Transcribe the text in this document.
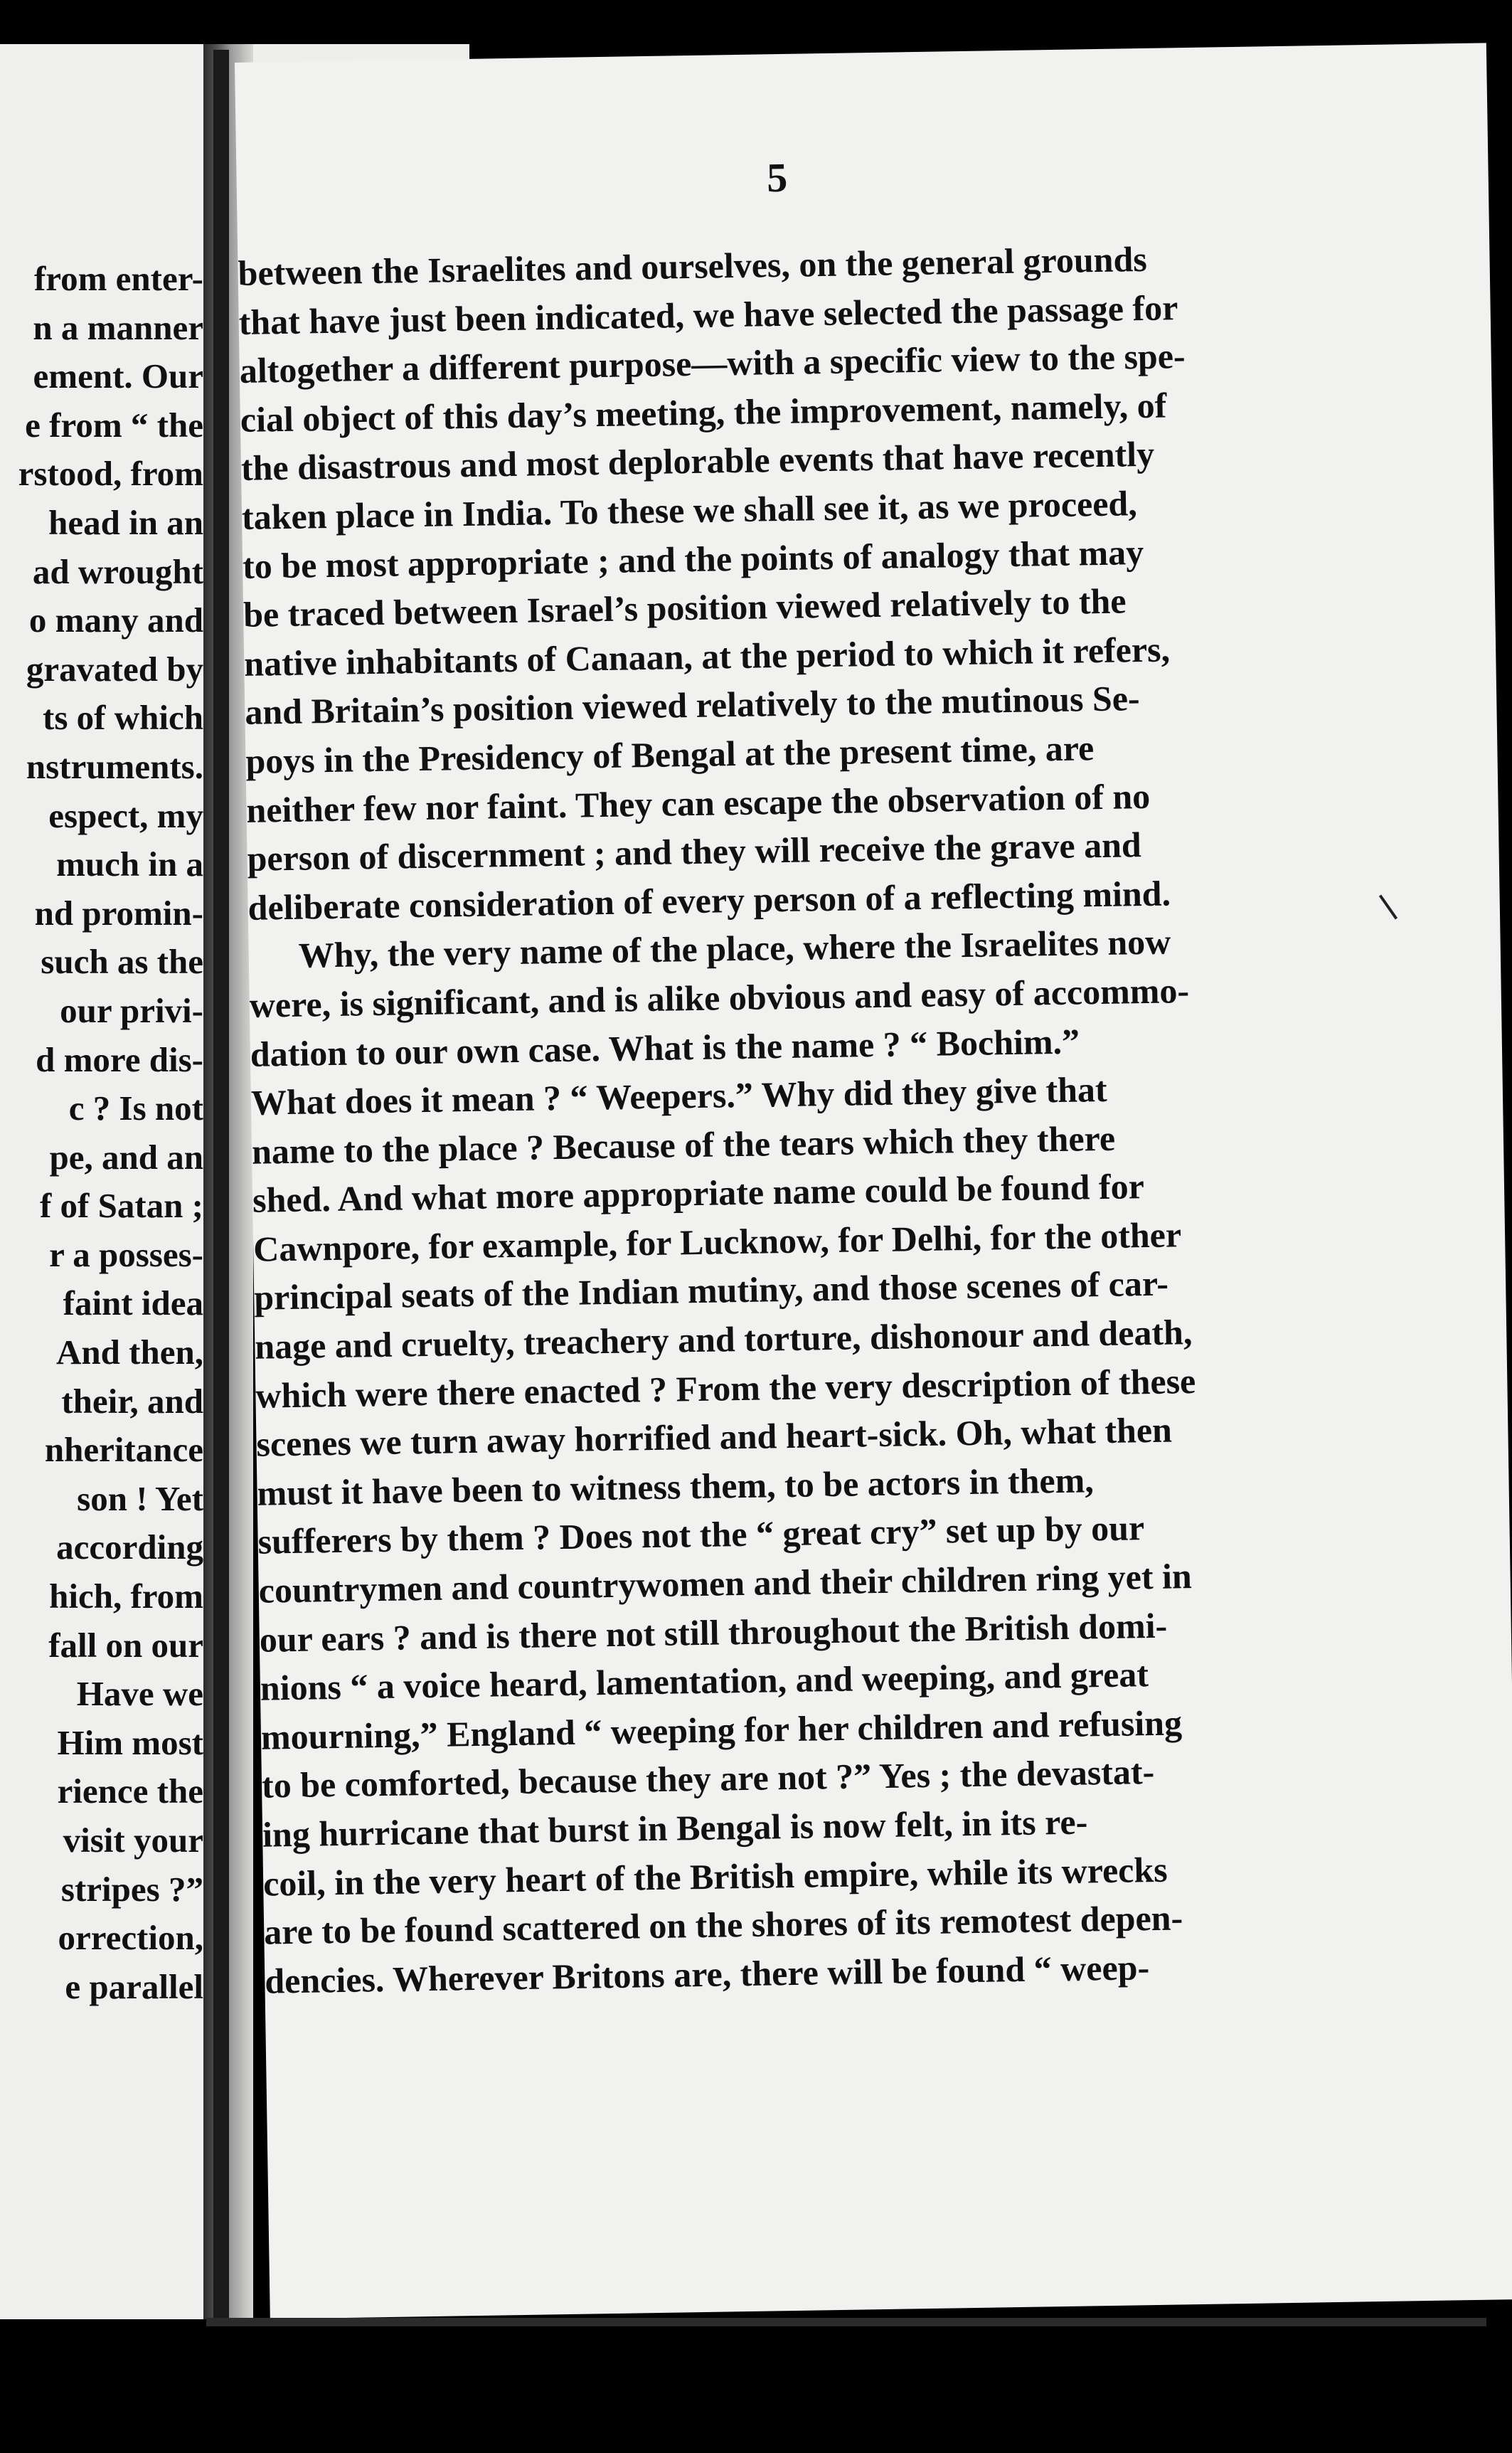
from enter-
n a manner
ement. Our
e from “ the
rstood, from
head in an
ad wrought
o many and
gravated by
ts of which
nstruments.
espect, my
much in a
nd promin-
such as the
our privi-
d more dis-
c ? Is not
pe, and an
f of Satan ;
r a posses-
faint idea
And then,
their, and
nheritance
son ! Yet
according
hich, from
fall on our
Have we
Him most
rience the
visit your
stripes ?”
orrection,
e parallel

5

between the Israelites and ourselves, on the general grounds
that have just been indicated, we have selected the passage for
altogether a different purpose—with a specific view to the spe-
cial object of this day’s meeting, the improvement, namely, of
the disastrous and most deplorable events that have recently
taken place in India. To these we shall see it, as we proceed,
to be most appropriate ; and the points of analogy that may
be traced between Israel’s position viewed relatively to the
native inhabitants of Canaan, at the period to which it refers,
and Britain’s position viewed relatively to the mutinous Se-
poys in the Presidency of Bengal at the present time, are
neither few nor faint. They can escape the observation of no
person of discernment ; and they will receive the grave and
deliberate consideration of every person of a reflecting mind.
Why, the very name of the place, where the Israelites now
were, is significant, and is alike obvious and easy of accommo-
dation to our own case. What is the name ? “ Bochim.”
What does it mean ? “ Weepers.” Why did they give that
name to the place ? Because of the tears which they there
shed. And what more appropriate name could be found for
Cawnpore, for example, for Lucknow, for Delhi, for the other
principal seats of the Indian mutiny, and those scenes of car-
nage and cruelty, treachery and torture, dishonour and death,
which were there enacted ? From the very description of these
scenes we turn away horrified and heart-sick. Oh, what then
must it have been to witness them, to be actors in them,
sufferers by them ? Does not the “ great cry” set up by our
countrymen and countrywomen and their children ring yet in
our ears ? and is there not still throughout the British domi-
nions “ a voice heard, lamentation, and weeping, and great
mourning,” England “ weeping for her children and refusing
to be comforted, because they are not ?” Yes ; the devastat-
ing hurricane that burst in Bengal is now felt, in its re-
coil, in the very heart of the British empire, while its wrecks
are to be found scattered on the shores of its remotest depen-
dencies. Wherever Britons are, there will be found “ weep-
